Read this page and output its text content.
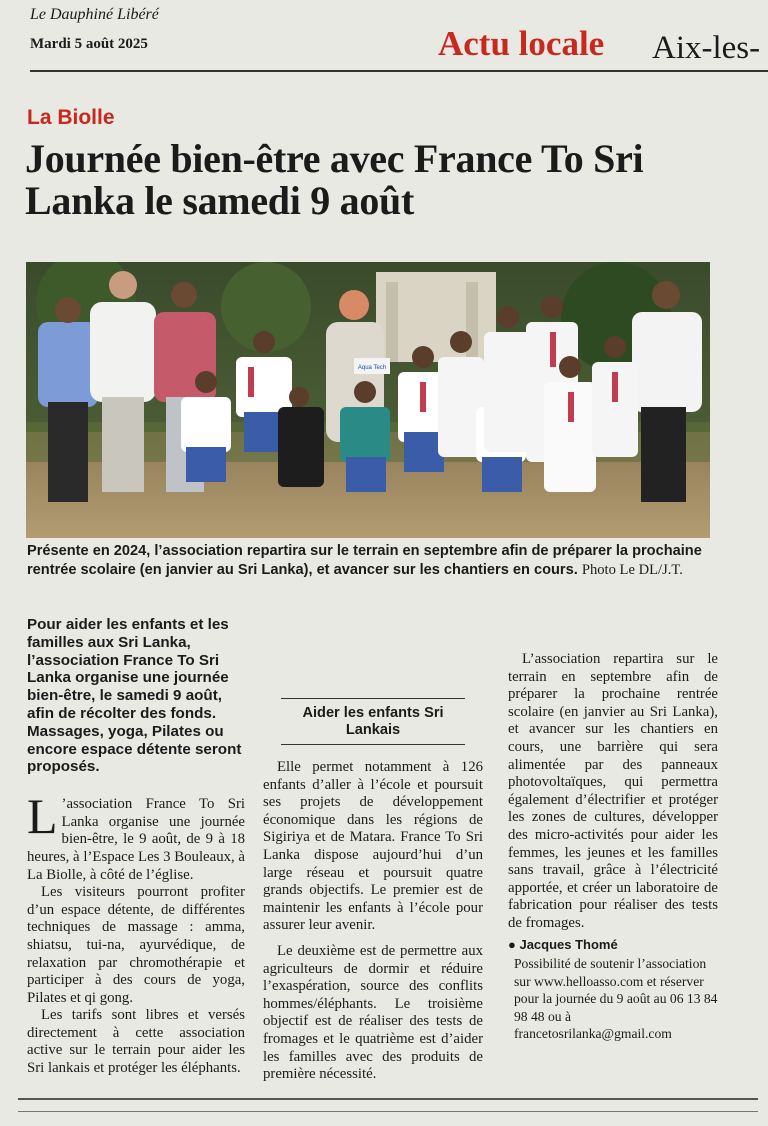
Le Dauphiné Libéré
Mardi 5 août 2025	Actu locale Aix-les-
La Biolle
Journée bien-être avec France To Sri Lanka le samedi 9 août
Aqua Tech
Présente en 2024, l’association repartira sur le terrain en septembre afin de préparer la prochaine rentrée scolaire (en janvier au Sri Lanka), et avancer sur les chantiers en cours. Photo Le DL/J.T.

Pour aider les enfants et les familles aux Sri Lanka, l’association France To Sri Lanka organise une journée bien-être, le samedi 9 août, afin de récolter des fonds. Massages, yoga, Pilates ou encore espace détente seront proposés.

L ’association France To Sri Lanka organise une journée bien-être, le 9 août, de 9 à 18 heures, à l’Espace Les 3 Bouleaux, à La Biolle, à côté de l’église.

Les visiteurs pourront profiter d’un espace détente, de différentes techniques de massage : amma, shiatsu, tui-na, ayurvédique, de relaxation par chromothérapie et participer à des cours de yoga, Pilates et qi gong.

Les tarifs sont libres et versés directement à cette association active sur le terrain pour aider les Sri lankais et protéger les éléphants.

Aider les enfants Sri Lankais

Elle permet notamment à 126 enfants d’aller à l’école et poursuit ses projets de développement économique dans les régions de Sigiriya et de Matara. France To Sri Lanka dispose aujourd’hui d’un large réseau et poursuit quatre grands objectifs. Le premier est de maintenir les enfants à l’école pour assurer leur avenir.

Le deuxième est de permettre aux agriculteurs de dormir et réduire l’exaspération, source des conflits hommes/éléphants. Le troisième objectif est de réaliser des tests de fromages et le quatrième est d’aider les familles avec des produits de première nécessité.

L’association repartira sur le terrain en septembre afin de préparer la prochaine rentrée scolaire (en janvier au Sri Lanka), et avancer sur les chantiers en cours, une barrière qui sera alimentée par des panneaux photovoltaïques, qui permettra également d’électrifier et protéger les zones de cultures, développer des micro-activités pour aider les femmes, les jeunes et les familles sans travail, grâce à l’électricité apportée, et créer un laboratoire de fabrication pour réaliser des tests de fromages.

● Jacques Thomé
Possibilité de soutenir l’association sur www.helloasso.com et réserver pour la journée du 9 août au 06 13 84 98 48 ou à francetosrilanka@gmail.com
